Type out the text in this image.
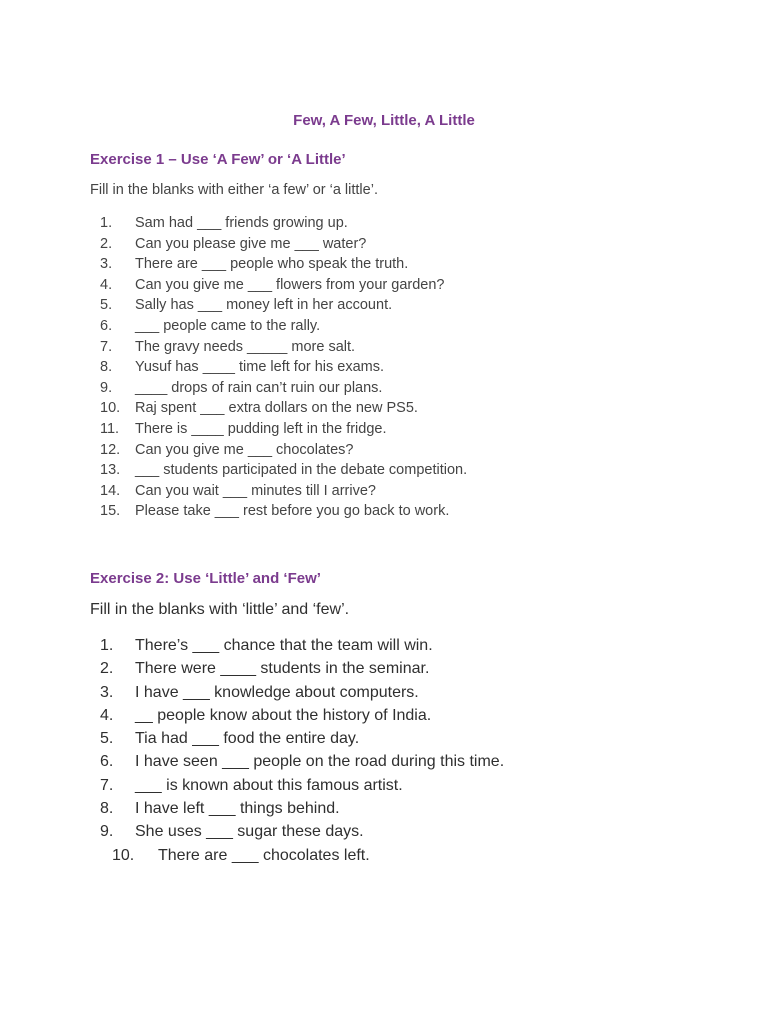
Few, A Few, Little, A Little
Exercise 1 – Use ‘A Few’ or ‘A Little’
Fill in the blanks with either ‘a few’ or ‘a little’.
1.	Sam had ___ friends growing up.
2.	Can you please give me ___ water?
3.	There are ___ people who speak the truth.
4.	Can you give me ___ flowers from your garden?
5.	Sally has ___ money left in her account.
6.	___ people came to the rally.
7.	The gravy needs _____ more salt.
8.	Yusuf has ____ time left for his exams.
9.	____ drops of rain can’t ruin our plans.
10.	Raj spent ___ extra dollars on the new PS5.
11.	There is ____ pudding left in the fridge.
12.	Can you give me ___ chocolates?
13.	___ students participated in the debate competition.
14.	Can you wait ___ minutes till I arrive?
15.	Please take ___ rest before you go back to work.
Exercise 2: Use ‘Little’ and ‘Few’
Fill in the blanks with ‘little’ and ‘few’.
1.	There’s ___ chance that the team will win.
2.	There were ____ students in the seminar.
3.	I have ___ knowledge about computers.
4.	__ people know about the history of India.
5.	Tia had ___ food the entire day.
6.	I have seen ___ people on the road during this time.
7.	___ is known about this famous artist.
8.	I have left ___ things behind.
9.	She uses ___ sugar these days.
10.	There are ___ chocolates left.
